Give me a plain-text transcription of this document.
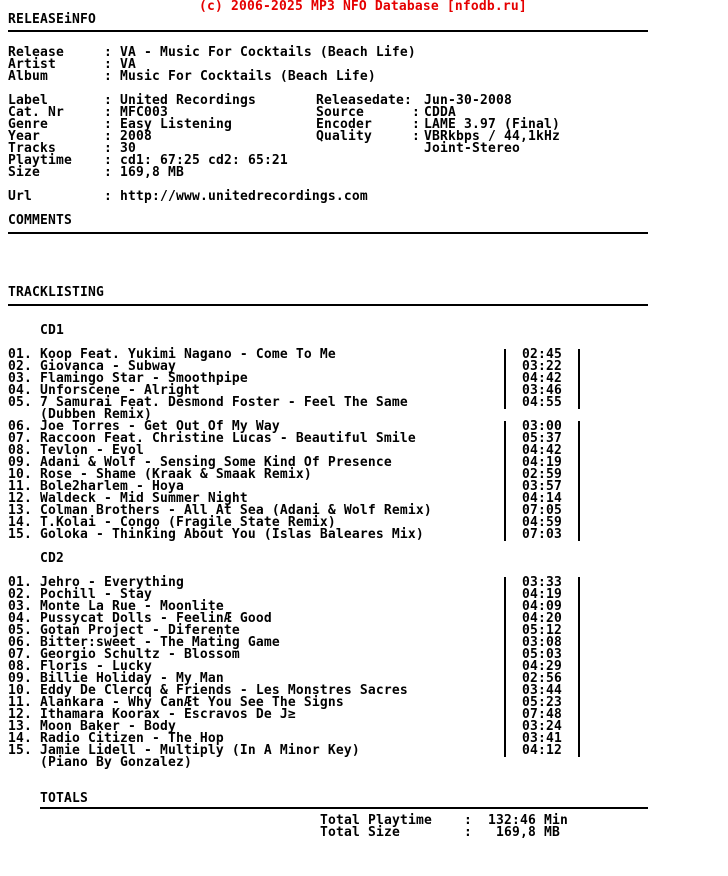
(c) 2006-2025 MP3 NFO Database [nfodb.ru]
RELEASEiNFO
Release	: VA - Music For Cocktails (Beach Life)
Artist	: VA
Album	: Music For Cocktails (Beach Life)
Label	: United Recordings
Cat. Nr	: MFC003
Genre	: Easy Listening
Year	: 2008
Tracks	: 30
Playtime : cd1: 67:25 cd2: 65:21
Size	: 169,8 MB
Releasedate: Jun-30-2008
Source	: CDDA
Encoder	: LAME 3.97 (Final)
Quality	: VBRkbps / 44,1kHz
Joint-Stereo
Url	: http://www.unitedrecordings.com
COMMENTS
TRACKLISTING
CD1
01. Koop Feat. Yukimi Nagano - Come To Me	02:45
02. Giovanca - Subway	03:22
03. Flamingo Star - Smoothpipe	04:42
04. Unforscene - Alright	03:46
05. 7 Samurai Feat. Desmond Foster - Feel The Same	04:55
(Dubben Remix)
06. Joe Torres - Get Out Of My Way	03:00
07. Raccoon Feat. Christine Lucas - Beautiful Smile	05:37
08. Tevlon - Evol	04:42
09. Adani & Wolf - Sensing Some Kind Of Presence	04:19
10. Rose - Shame (Kraak & Smaak Remix)	02:59
11. Bole2harlem - Hoya	03:57
12. Waldeck - Mid Summer Night	04:14
13. Colman Brothers - All At Sea (Adani & Wolf Remix)	07:05
14. T.Kolai - Congo (Fragile State Remix)	04:59
15. Goloka - Thinking About You (Islas Baleares Mix)	07:03
CD2
01. Jehro - Everything	03:33
02. Pochill - Stay	04:19
03. Monte La Rue - Moonlite	04:09
04. Pussycat Dolls - FeelinÆ Good	04:20
05. Gotan Project - Diferente	05:12
06. Bitter:sweet - The Mating Game	03:08
07. Georgio Schultz - Blossom	05:03
08. Floris - Lucky	04:29
09. Billie Holiday - My Man	02:56
10. Eddy De Clercq & Friends - Les Monstres Sacres	03:44
11. Alankara - Why CanÆt You See The Signs	05:23
12. Ithamara Koorax - Escravos De J≥	07:48
13. Moon Baker - Body	03:24
14. Radio Citizen - The Hop	03:41
15. Jamie Lidell - Multiply (In A Minor Key)	04:12
(Piano By Gonzalez)
TOTALS
Total Playtime : 132:46 Min
Total Size	: 169,8 MB
